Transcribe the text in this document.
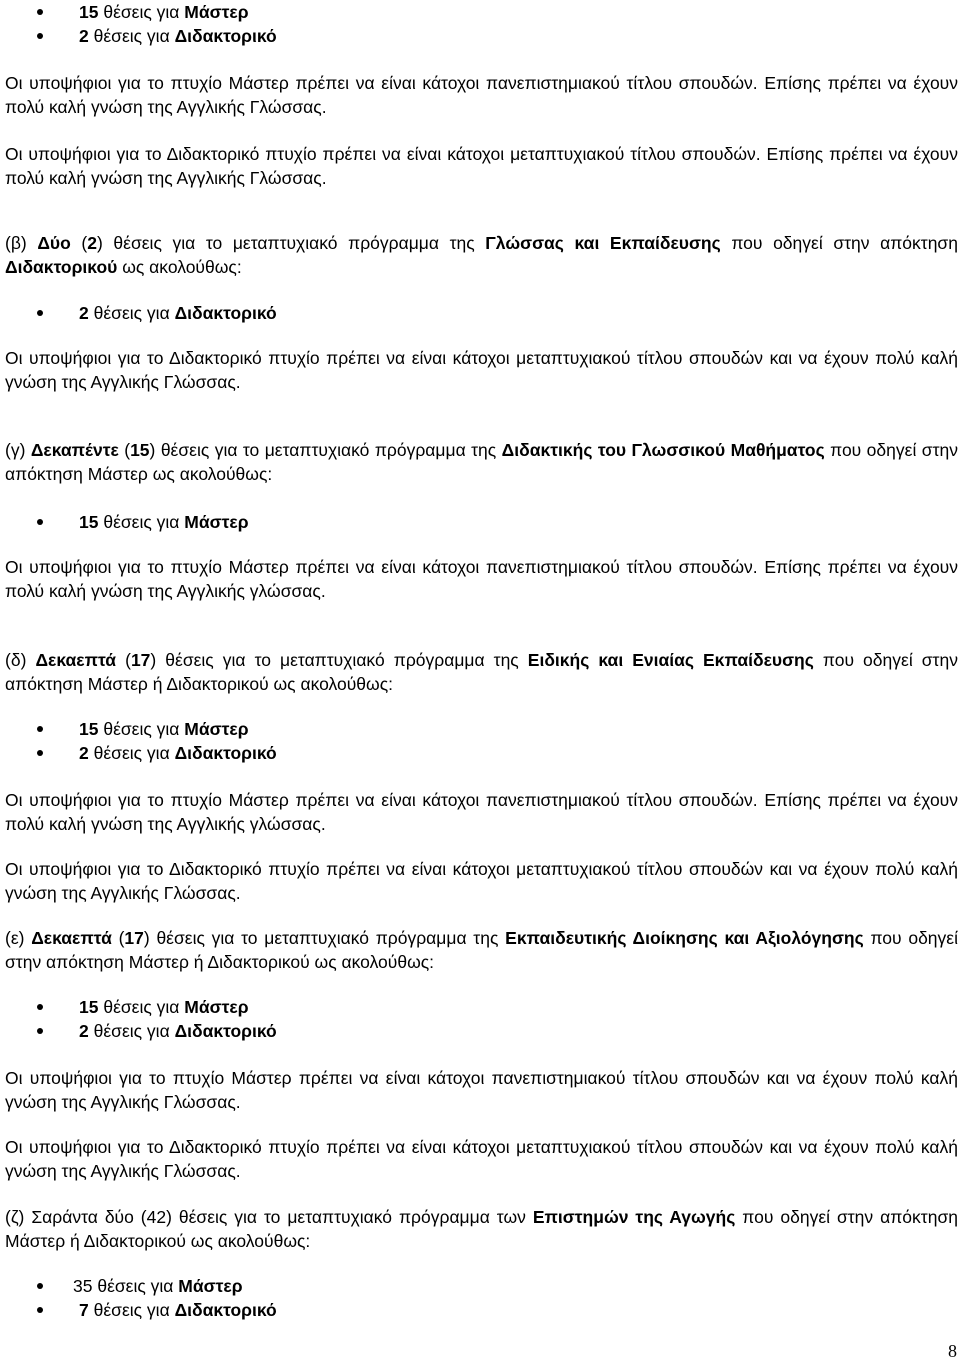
15 θέσεις για Μάστερ
2 θέσεις για Διδακτορικό

Οι υποψήφιοι για το πτυχίο Μάστερ πρέπει να είναι κάτοχοι πανεπιστημιακού τίτλου σπουδών. Επίσης πρέπει να έχουν πολύ καλή γνώση της Αγγλικής Γλώσσας.

Οι υποψήφιοι για το Διδακτορικό πτυχίο πρέπει να είναι κάτοχοι μεταπτυχιακού τίτλου σπουδών. Επίσης πρέπει να έχουν πολύ καλή γνώση της Αγγλικής Γλώσσας.

(β) Δύο (2) θέσεις για το μεταπτυχιακό πρόγραμμα της Γλώσσας και Εκπαίδευσης που οδηγεί στην απόκτηση Διδακτορικού ως ακολούθως:

2 θέσεις για Διδακτορικό

Οι υποψήφιοι για το Διδακτορικό πτυχίο πρέπει να είναι κάτοχοι μεταπτυχιακού τίτλου σπουδών και να έχουν πολύ καλή γνώση της Αγγλικής Γλώσσας.

(γ) Δεκαπέντε (15) θέσεις για το μεταπτυχιακό πρόγραμμα της Διδακτικής του Γλωσσικού Μαθήματος που οδηγεί στην απόκτηση Μάστερ ως ακολούθως:

15 θέσεις για Μάστερ

Οι υποψήφιοι για το πτυχίο Μάστερ πρέπει να είναι κάτοχοι πανεπιστημιακού τίτλου σπουδών. Επίσης πρέπει να έχουν πολύ καλή γνώση της Αγγλικής γλώσσας.

(δ) Δεκαεπτά (17) θέσεις για το μεταπτυχιακό πρόγραμμα της Ειδικής και Ενιαίας Εκπαίδευσης που οδηγεί στην απόκτηση Μάστερ ή Διδακτορικού ως ακολούθως:

15 θέσεις για Μάστερ
2 θέσεις για Διδακτορικό

Οι υποψήφιοι για το πτυχίο Μάστερ πρέπει να είναι κάτοχοι πανεπιστημιακού τίτλου σπουδών. Επίσης πρέπει να έχουν πολύ καλή γνώση της Αγγλικής γλώσσας.

Οι υποψήφιοι για το Διδακτορικό πτυχίο πρέπει να είναι κάτοχοι μεταπτυχιακού τίτλου σπουδών και να έχουν πολύ καλή γνώση της Αγγλικής Γλώσσας.

(ε) Δεκαεπτά (17) θέσεις για το μεταπτυχιακό πρόγραμμα της Εκπαιδευτικής Διοίκησης και Αξιολόγησης που οδηγεί στην απόκτηση Μάστερ ή Διδακτορικού ως ακολούθως:

15 θέσεις για Μάστερ
2 θέσεις για Διδακτορικό

Οι υποψήφιοι για το πτυχίο Μάστερ πρέπει να είναι κάτοχοι πανεπιστημιακού τίτλου σπουδών και να έχουν πολύ καλή γνώση της Αγγλικής Γλώσσας.

Οι υποψήφιοι για το Διδακτορικό πτυχίο πρέπει να είναι κάτοχοι μεταπτυχιακού τίτλου σπουδών και να έχουν πολύ καλή γνώση της Αγγλικής Γλώσσας.

(ζ) Σαράντα δύο (42) θέσεις για το μεταπτυχιακό πρόγραμμα των Επιστημών της Αγωγής που οδηγεί στην απόκτηση Μάστερ ή Διδακτορικού ως ακολούθως:

35 θέσεις για Μάστερ
7 θέσεις για Διδακτορικό
8
